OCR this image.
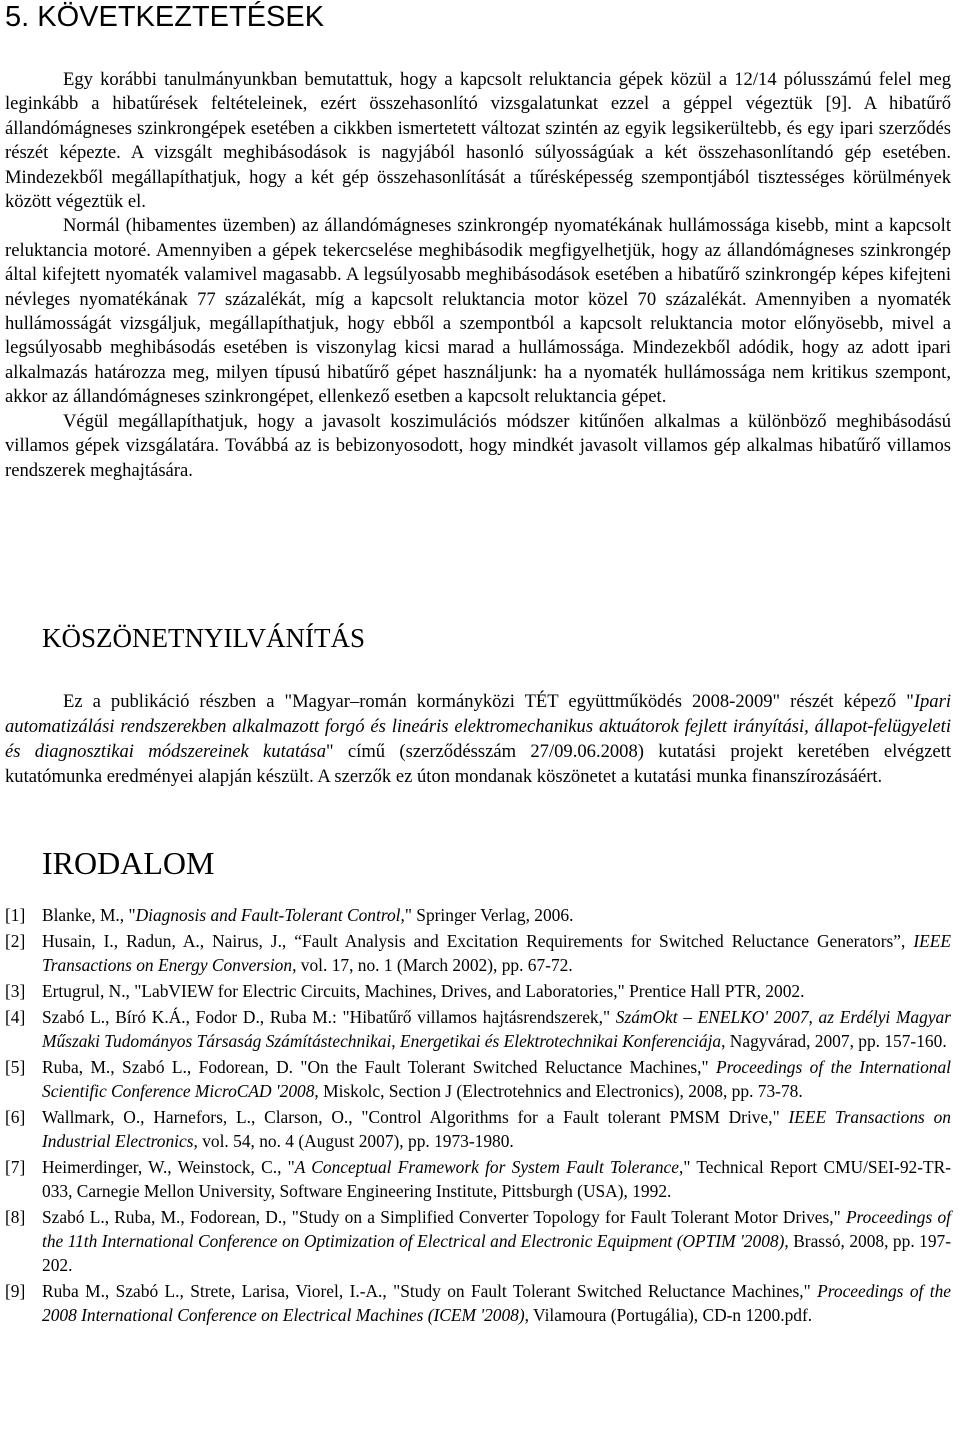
5. KÖVETKEZTETÉSEK

Egy korábbi tanulmányunkban bemutattuk, hogy a kapcsolt reluktancia gépek közül a 12/14 pólusszámú felel meg leginkább a hibatűrések feltételeinek, ezért összehasonlító vizsgalatunkat ezzel a géppel végeztük [9]. A hibatűrő állandómágneses szinkrongépek esetében a cikkben ismertetett változat szintén az egyik legsikerültebb, és egy ipari szerződés részét képezte. A vizsgált meghibásodások is nagyjából hasonló súlyosságúak a két összehasonlítandó gép esetében. Mindezekből megállapíthatjuk, hogy a két gép összehasonlítását a tűrésképesség szempontjából tisztességes körülmények között végeztük el.

Normál (hibamentes üzemben) az állandómágneses szinkrongép nyomatékának hullámossága kisebb, mint a kapcsolt reluktancia motoré. Amennyiben a gépek tekercselése meghibásodik megfigyelhetjük, hogy az állandómágneses szinkrongép által kifejtett nyomaték valamivel magasabb. A legsúlyosabb meghibásodások esetében a hibatűrő szinkrongép képes kifejteni névleges nyomatékának 77 százalékát, míg a kapcsolt reluktancia motor közel 70 százalékát. Amennyiben a nyomaték hullámosságát vizsgáljuk, megállapíthatjuk, hogy ebből a szempontból a kapcsolt reluktancia motor előnyösebb, mivel a legsúlyosabb meghibásodás esetében is viszonylag kicsi marad a hullámossága. Mindezekből adódik, hogy az adott ipari alkalmazás határozza meg, milyen típusú hibatűrő gépet használjunk: ha a nyomaték hullámossága nem kritikus szempont, akkor az állandómágneses szinkrongépet, ellenkező esetben a kapcsolt reluktancia gépet.

Végül megállapíthatjuk, hogy a javasolt koszimulációs módszer kitűnően alkalmas a különböző meghibásodású villamos gépek vizsgálatára. Továbbá az is bebizonyosodott, hogy mindkét javasolt villamos gép alkalmas hibatűrő villamos rendszerek meghajtására.

KÖSZÖNETNYILVÁNÍTÁS
Ez a publikáció részben a "Magyar–román kormányközi TÉT együttműködés 2008-2009" részét képező "Ipari automatizálási rendszerekben alkalmazott forgó és lineáris elektromechanikus aktuátorok fejlett irányítási, állapot-felügyeleti és diagnosztikai módszereinek kutatása" című (szerződésszám 27/09.06.2008) kutatási projekt keretében elvégzett kutatómunka eredményei alapján készült. A szerzők ez úton mondanak köszönetet a kutatási munka finanszírozásáért.
IRODALOM
[1] Blanke, M., "Diagnosis and Fault-Tolerant Control," Springer Verlag, 2006.
[2] Husain, I., Radun, A., Nairus, J., “Fault Analysis and Excitation Requirements for Switched Reluctance Generators”, IEEE Transactions on Energy Conversion, vol. 17, no. 1 (March 2002), pp. 67-72.
[3] Ertugrul, N., "LabVIEW for Electric Circuits, Machines, Drives, and Laboratories," Prentice Hall PTR, 2002.
[4] Szabó L., Bíró K.Á., Fodor D., Ruba M.: "Hibatűrő villamos hajtásrendszerek," SzámOkt – ENELKO' 2007, az Erdélyi Magyar Műszaki Tudományos Társaság Számítástechnikai, Energetikai és Elektrotechnikai Konferenciája, Nagyvárad, 2007, pp. 157-160.
[5] Ruba, M., Szabó L., Fodorean, D. "On the Fault Tolerant Switched Reluctance Machines," Proceedings of the International Scientific Conference MicroCAD '2008, Miskolc, Section J (Electrotehnics and Electronics), 2008, pp. 73-78.
[6] Wallmark, O., Harnefors, L., Clarson, O., "Control Algorithms for a Fault tolerant PMSM Drive," IEEE Transactions on Industrial Electronics, vol. 54, no. 4 (August 2007), pp. 1973-1980.
[7] Heimerdinger, W., Weinstock, C., "A Conceptual Framework for System Fault Tolerance," Technical Report CMU/SEI-92-TR-033, Carnegie Mellon University, Software Engineering Institute, Pittsburgh (USA), 1992.
[8] Szabó L., Ruba, M., Fodorean, D., "Study on a Simplified Converter Topology for Fault Tolerant Motor Drives," Proceedings of the 11th International Conference on Optimization of Electrical and Electronic Equipment (OPTIM '2008), Brassó, 2008, pp. 197-202.
[9] Ruba M., Szabó L., Strete, Larisa, Viorel, I.-A., "Study on Fault Tolerant Switched Reluctance Machines," Proceedings of the 2008 International Conference on Electrical Machines (ICEM '2008), Vilamoura (Portugália), CD-n 1200.pdf.
